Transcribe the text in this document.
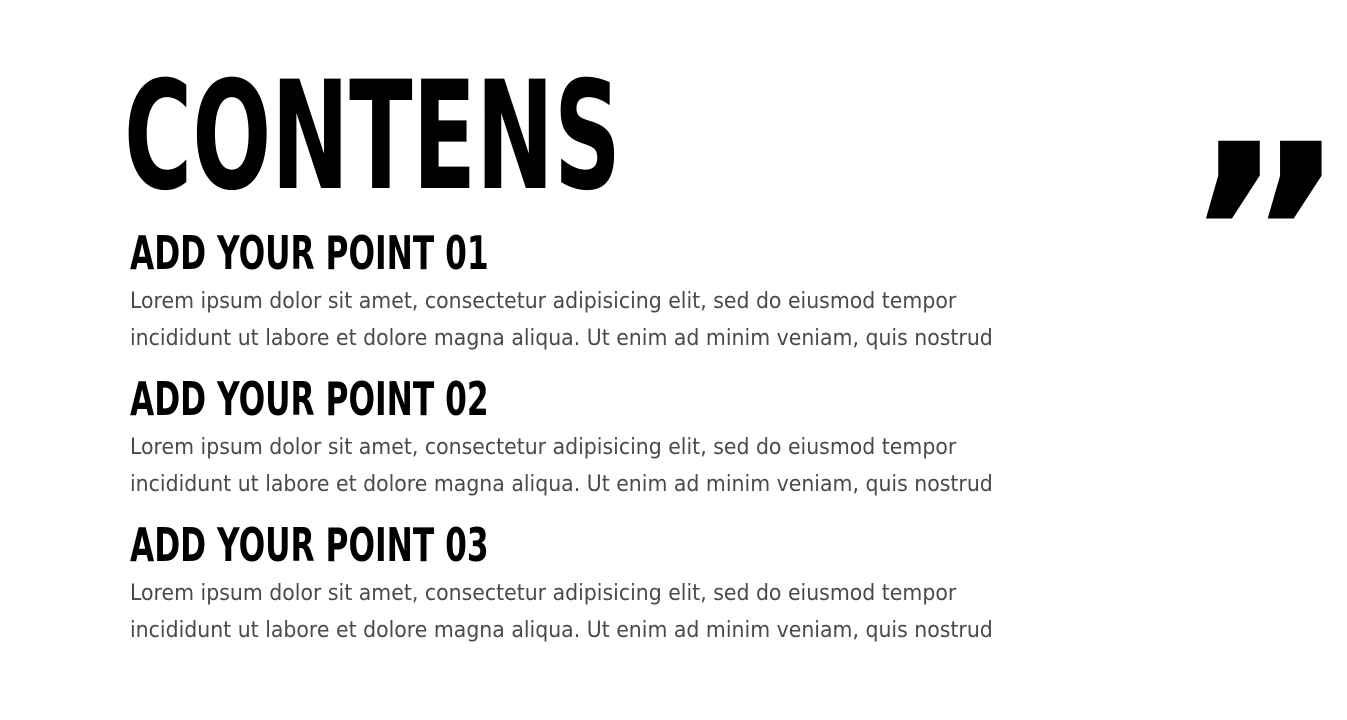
CONTENS ”
ADD YOUR POINT 01
Lorem ipsum dolor sit amet, consectetur adipisicing elit, sed do eiusmod tempor
incididunt ut labore et dolore magna aliqua. Ut enim ad minim veniam, quis nostrud
ADD YOUR POINT 02
Lorem ipsum dolor sit amet, consectetur adipisicing elit, sed do eiusmod tempor
incididunt ut labore et dolore magna aliqua. Ut enim ad minim veniam, quis nostrud
ADD YOUR POINT 03
Lorem ipsum dolor sit amet, consectetur adipisicing elit, sed do eiusmod tempor
incididunt ut labore et dolore magna aliqua. Ut enim ad minim veniam, quis nostrud
